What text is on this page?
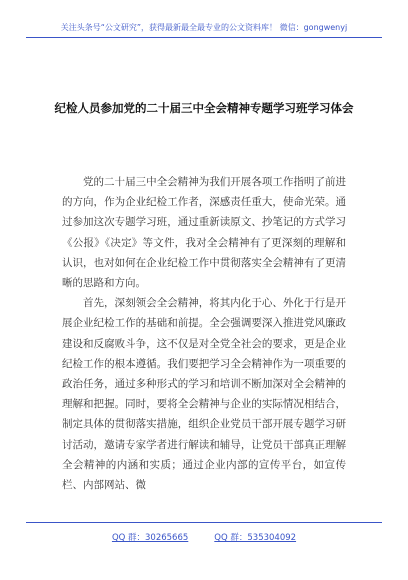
关注头条号“公文研究”，获得最新最全最专业的公文资料库！ 微信：gongwenyj
纪检人员参加党的二十届三中全会精神专题学习班学习体会

党的二十届三中全会精神为我们开展各项工作指明了前进的方向，作为企业纪检工作者，深感责任重大，使命光荣。通过参加这次专题学习班，通过重新读原文、抄笔记的方式学习《公报》《决定》等文件，我对全会精神有了更深刻的理解和认识，也对如何在企业纪检工作中贯彻落实全会精神有了更清晰的思路和方向。

首先，深刻领会全会精神，将其内化于心、外化于行是开展企业纪检工作的基础和前提。全会强调要深入推进党风廉政建设和反腐败斗争，这不仅是对全党全社会的要求，更是企业纪检工作的根本遵循。我们要把学习全会精神作为一项重要的政治任务，通过多种形式的学习和培训不断加深对全会精神的理解和把握。同时，要将全会精神与企业的实际情况相结合，制定具体的贯彻落实措施，组织企业党员干部开展专题学习研讨活动，邀请专家学者进行解读和辅导，让党员干部真正理解全会精神的内涵和实质；通过企业内部的宣传平台，如宣传栏、内部网站、微

QQ 群：30265665	QQ 群：535304092
